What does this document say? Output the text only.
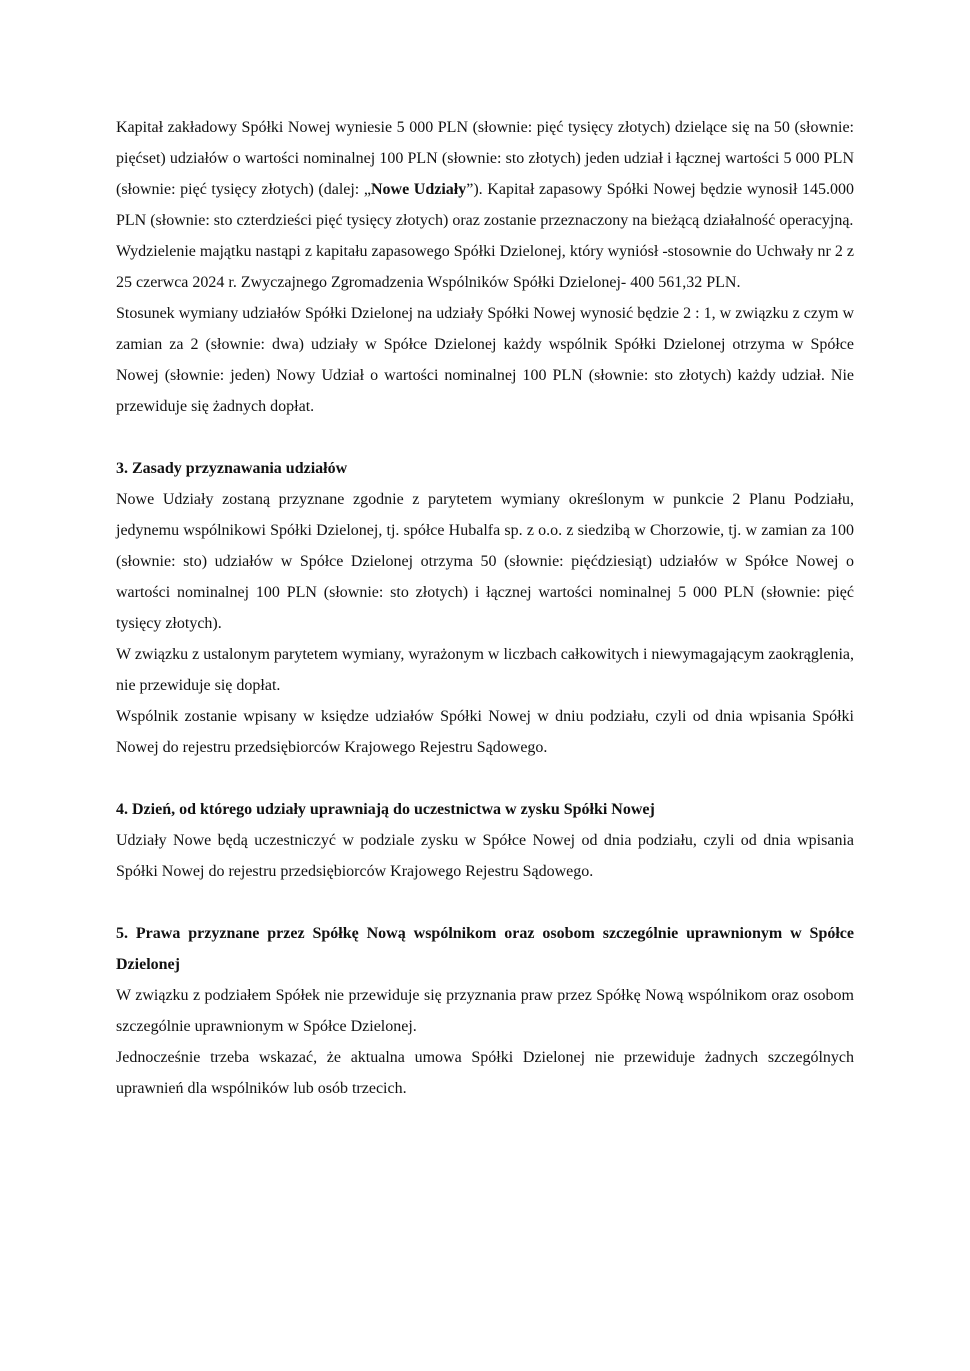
Kapitał zakładowy Spółki Nowej wyniesie 5 000 PLN (słownie: pięć tysięcy złotych) dzielące się na 50 (słownie: pięćset) udziałów o wartości nominalnej 100 PLN (słownie: sto złotych) jeden udział i łącznej wartości 5 000 PLN (słownie: pięć tysięcy złotych) (dalej: „Nowe Udziały”). Kapitał zapasowy Spółki Nowej będzie wynosił 145.000 PLN (słownie: sto czterdzieści pięć tysięcy złotych) oraz zostanie przeznaczony na bieżącą działalność operacyjną.

Wydzielenie majątku nastąpi z kapitału zapasowego Spółki Dzielonej, który wyniósł -stosownie do Uchwały nr 2 z 25 czerwca 2024 r. Zwyczajnego Zgromadzenia Wspólników Spółki Dzielonej- 400 561,32 PLN.

Stosunek wymiany udziałów Spółki Dzielonej na udziały Spółki Nowej wynosić będzie 2 : 1, w związku z czym w zamian za 2 (słownie: dwa) udziały w Spółce Dzielonej każdy wspólnik Spółki Dzielonej otrzyma w Spółce Nowej (słownie: jeden) Nowy Udział o wartości nominalnej 100 PLN (słownie: sto złotych) każdy udział. Nie przewiduje się żadnych dopłat.

3. Zasady przyznawania udziałów

Nowe Udziały zostaną przyznane zgodnie z parytetem wymiany określonym w punkcie 2 Planu Podziału, jedynemu wspólnikowi Spółki Dzielonej, tj. spółce Hubalfa sp. z o.o. z siedzibą w Chorzowie, tj. w zamian za 100 (słownie: sto) udziałów w Spółce Dzielonej otrzyma 50 (słownie: pięćdziesiąt) udziałów w Spółce Nowej o wartości nominalnej 100 PLN (słownie: sto złotych) i łącznej wartości nominalnej 5 000 PLN (słownie: pięć tysięcy złotych).

W związku z ustalonym parytetem wymiany, wyrażonym w liczbach całkowitych i niewymagającym zaokrąglenia, nie przewiduje się dopłat.

Wspólnik zostanie wpisany w księdze udziałów Spółki Nowej w dniu podziału, czyli od dnia wpisania Spółki Nowej do rejestru przedsiębiorców Krajowego Rejestru Sądowego.

4. Dzień, od którego udziały uprawniają do uczestnictwa w zysku Spółki Nowej

Udziały Nowe będą uczestniczyć w podziale zysku w Spółce Nowej od dnia podziału, czyli od dnia wpisania Spółki Nowej do rejestru przedsiębiorców Krajowego Rejestru Sądowego.

5. Prawa przyznane przez Spółkę Nową wspólnikom oraz osobom szczególnie uprawnionym w Spółce Dzielonej

W związku z podziałem Spółek nie przewiduje się przyznania praw przez Spółkę Nową wspólnikom oraz osobom szczególnie uprawnionym w Spółce Dzielonej.

Jednocześnie trzeba wskazać, że aktualna umowa Spółki Dzielonej nie przewiduje żadnych szczególnych uprawnień dla wspólników lub osób trzecich.
